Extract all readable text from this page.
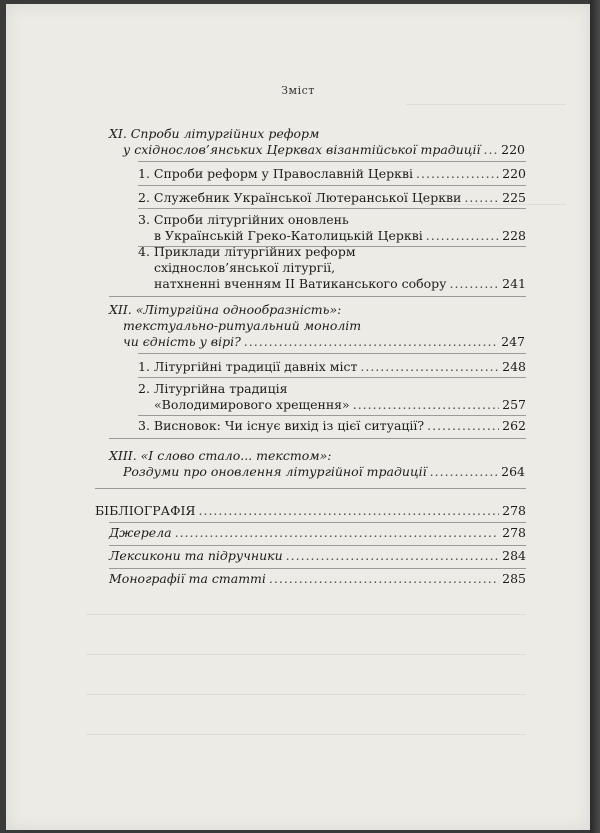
Зміст
XI. Спроби літургійних реформ
у східнослов’янських Церквах візантійської традиції ..... 220
1. Спроби реформ у Православній Церкві .....	220
2. Служебник Української Лютеранської Церкви .....	225
3. Спроби літургійних оновлень
в Українській Греко-Католицькій Церкві .....	228
4. Приклади літургійних реформ
східнослов’янської літургії,
натхненні вченням ІІ Ватиканського собору .....	241
XII. «Літургійна однообразність»:
текстуально-ритуальний моноліт
чи єдність у вірі? .....	247
1. Літургійні традиції давніх міст .....	248
2. Літургійна традиція
«Володимирового хрещення» .....	257
3. Висновок: Чи існує вихід із цієї ситуації? .....	262
XIII. «І слово стало... текстом»:
Роздуми про оновлення літургійної традиції .....	264
БІБЛІОГРАФІЯ .....	278
Джерела .....	278
Лексикони та підручники .....	284
Монографії та статті .....	285
